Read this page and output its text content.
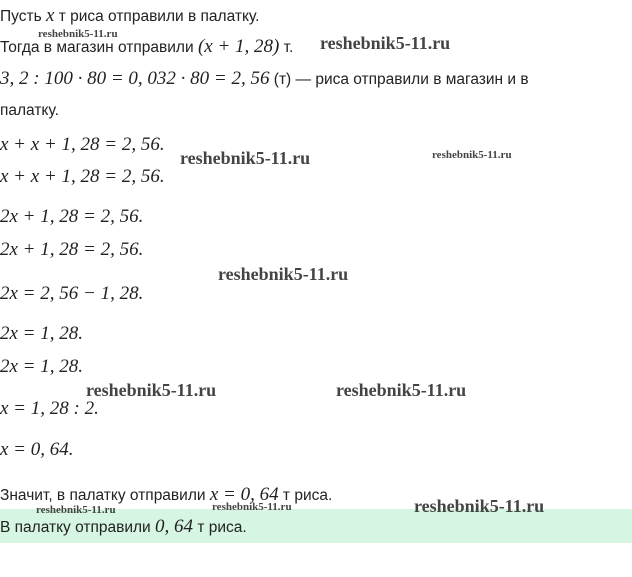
Пусть x т риса отправили в палатку.
Тогда в магазин отправили (x + 1, 28) т.
3, 2 : 100 · 80 = 0, 032 · 80 = 2, 56 (т) — риса отправили в магазин и в
палатку.
x + x + 1, 28 = 2, 56.
x + x + 1, 28 = 2, 56.
2x + 1, 28 = 2, 56.
2x + 1, 28 = 2, 56.
2x = 2, 56 − 1, 28.
2x = 1, 28.
2x = 1, 28.
x = 1, 28 : 2.
x = 0, 64.
Значит, в палатку отправили x = 0, 64 т риса.
В палатку отправили 0, 64 т риса.
reshebnik5-11.ru	reshebnik5-11.ru
reshebnik5-11.ru	reshebnik5-11.ru
reshebnik5-11.ru
reshebnik5-11.ru	reshebnik5-11.ru
reshebnik5-11.ru	reshebnik5-11.ru	reshebnik5-11.ru
